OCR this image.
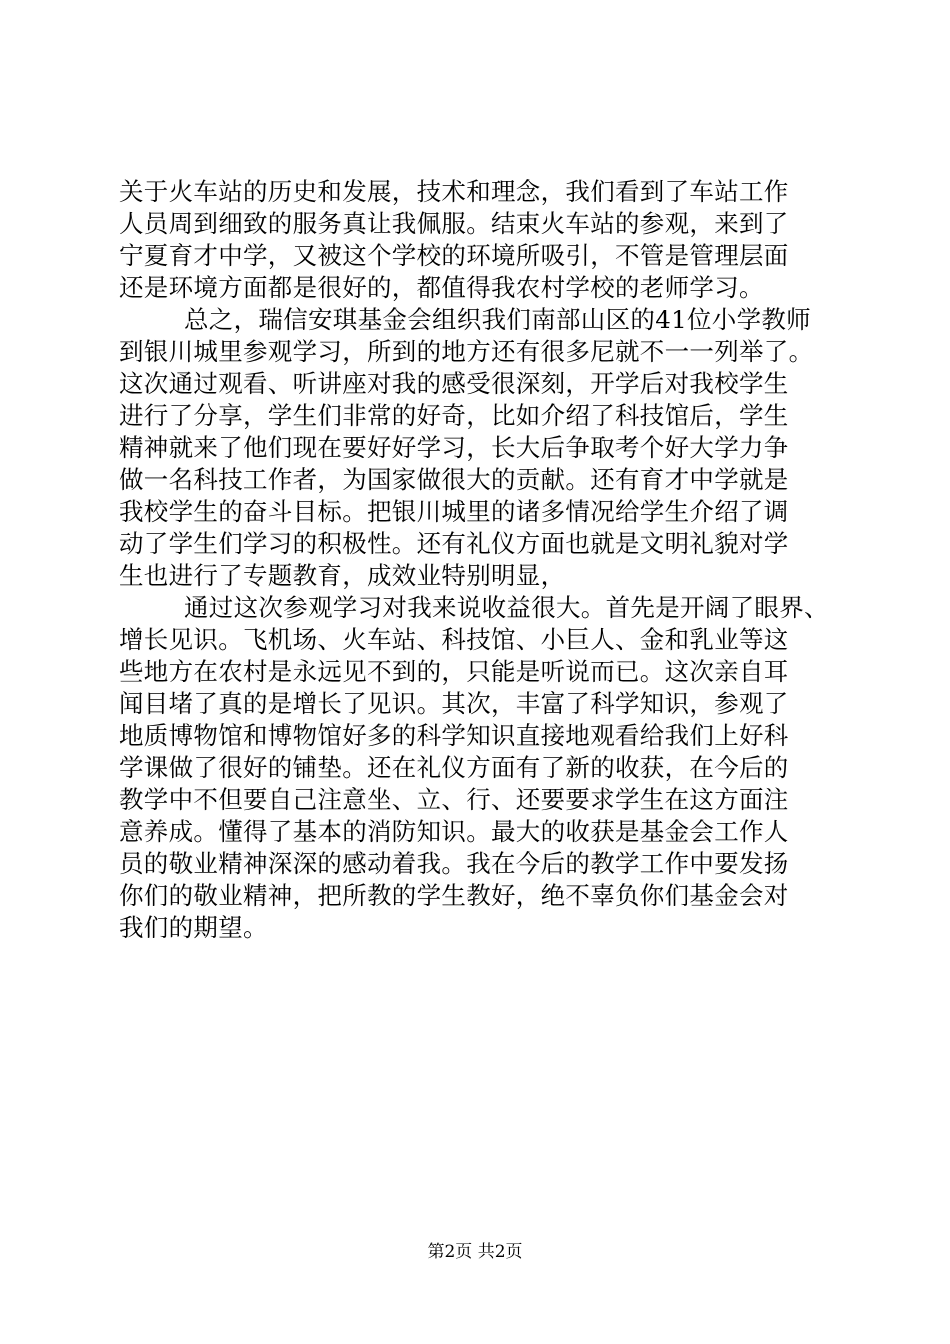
关于火车站的历史和发展，技术和理念，我们看到了车站工作
人员周到细致的服务真让我佩服。结束火车站的参观，来到了
宁夏育才中学，又被这个学校的环境所吸引，不管是管理层面
还是环境方面都是很好的，都值得我农村学校的老师学习。
总之，瑞信安琪基金会组织我们南部山区的41位小学教师
到银川城里参观学习，所到的地方还有很多尼就不一一列举了。
这次通过观看、听讲座对我的感受很深刻，开学后对我校学生
进行了分享，学生们非常的好奇，比如介绍了科技馆后，学生
精神就来了他们现在要好好学习，长大后争取考个好大学力争
做一名科技工作者，为国家做很大的贡献。还有育才中学就是
我校学生的奋斗目标。把银川城里的诸多情况给学生介绍了调
动了学生们学习的积极性。还有礼仪方面也就是文明礼貌对学
生也进行了专题教育，成效业特别明显，
通过这次参观学习对我来说收益很大。首先是开阔了眼界、
增长见识。飞机场、火车站、科技馆、小巨人、金和乳业等这
些地方在农村是永远见不到的，只能是听说而已。这次亲自耳
闻目堵了真的是增长了见识。其次，丰富了科学知识，参观了
地质博物馆和博物馆好多的科学知识直接地观看给我们上好科
学课做了很好的铺垫。还在礼仪方面有了新的收获，在今后的
教学中不但要自己注意坐、立、行、还要要求学生在这方面注
意养成。懂得了基本的消防知识。最大的收获是基金会工作人
员的敬业精神深深的感动着我。我在今后的教学工作中要发扬
你们的敬业精神，把所教的学生教好，绝不辜负你们基金会对
我们的期望。
第2页 共2页
